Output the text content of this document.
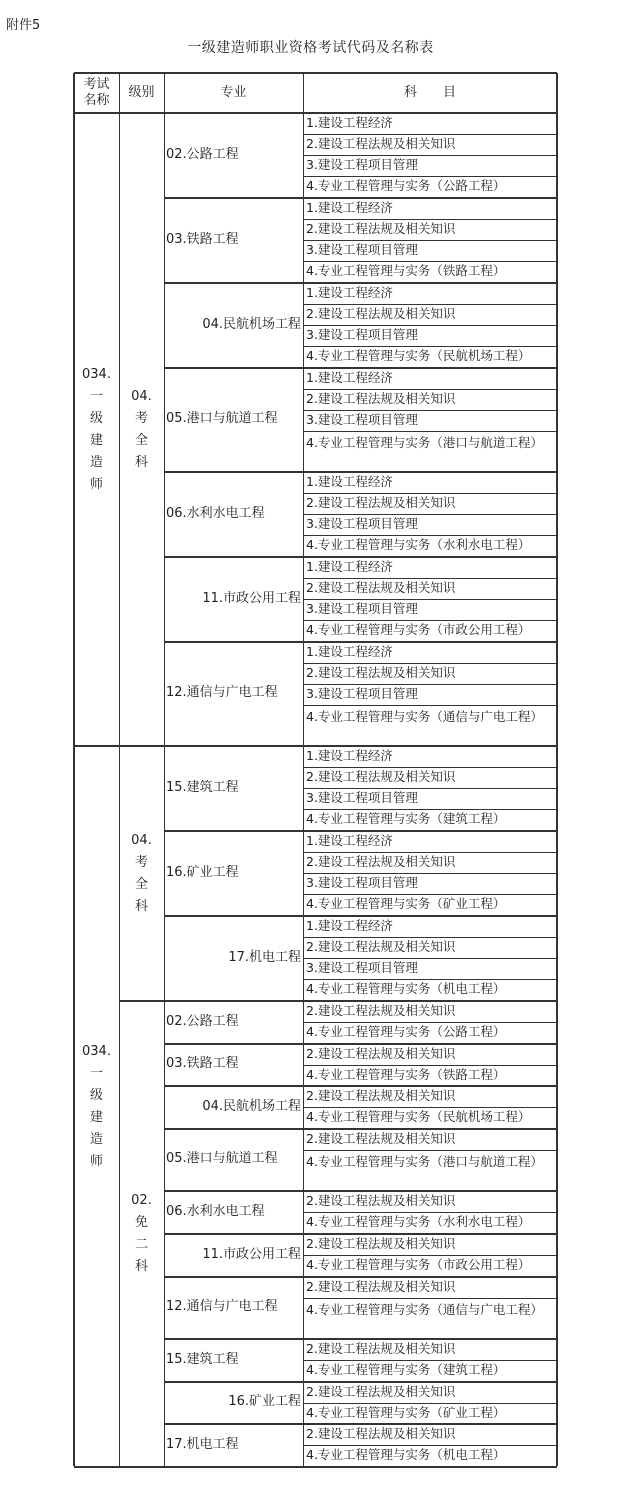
附件5
一级建造师职业资格考试代码及名称表
考试
名称
级别	专业	科　　目
1.建设工程经济
2.建设工程法规及相关知识
3.建设工程项目管理
4.专业工程管理与实务（公路工程）
02.公路工程
1.建设工程经济
2.建设工程法规及相关知识
3.建设工程项目管理
4.专业工程管理与实务（铁路工程）
03.铁路工程
1.建设工程经济
2.建设工程法规及相关知识
3.建设工程项目管理
4.专业工程管理与实务（民航机场工程）
04.民航机场工程
1.建设工程经济
2.建设工程法规及相关知识
3.建设工程项目管理
4.专业工程管理与实务（港口与航道工程）
05.港口与航道工程
1.建设工程经济
2.建设工程法规及相关知识
3.建设工程项目管理
4.专业工程管理与实务（水利水电工程）
06.水利水电工程
1.建设工程经济
2.建设工程法规及相关知识
3.建设工程项目管理
4.专业工程管理与实务（市政公用工程）
11.市政公用工程
1.建设工程经济
2.建设工程法规及相关知识
3.建设工程项目管理
4.专业工程管理与实务（通信与广电工程）
12.通信与广电工程
04.
考
全
科
034.
一
级
建
造
师
1.建设工程经济
2.建设工程法规及相关知识
3.建设工程项目管理
4.专业工程管理与实务（建筑工程）
15.建筑工程
1.建设工程经济
2.建设工程法规及相关知识
3.建设工程项目管理
4.专业工程管理与实务（矿业工程）
16.矿业工程
1.建设工程经济
2.建设工程法规及相关知识
3.建设工程项目管理
4.专业工程管理与实务（机电工程）
17.机电工程
04.
考
全
科
2.建设工程法规及相关知识
4.专业工程管理与实务（公路工程）
02.公路工程
2.建设工程法规及相关知识
4.专业工程管理与实务（铁路工程）
03.铁路工程
2.建设工程法规及相关知识
4.专业工程管理与实务（民航机场工程）
04.民航机场工程
2.建设工程法规及相关知识
4.专业工程管理与实务（港口与航道工程）
05.港口与航道工程
2.建设工程法规及相关知识
4.专业工程管理与实务（水利水电工程）
06.水利水电工程
2.建设工程法规及相关知识
4.专业工程管理与实务（市政公用工程）
11.市政公用工程
2.建设工程法规及相关知识
4.专业工程管理与实务（通信与广电工程）
12.通信与广电工程
2.建设工程法规及相关知识
4.专业工程管理与实务（建筑工程）
15.建筑工程
2.建设工程法规及相关知识
4.专业工程管理与实务（矿业工程）
16.矿业工程
2.建设工程法规及相关知识
4.专业工程管理与实务（机电工程）
17.机电工程
02.
免
二
科
034.
一
级
建
造
师
